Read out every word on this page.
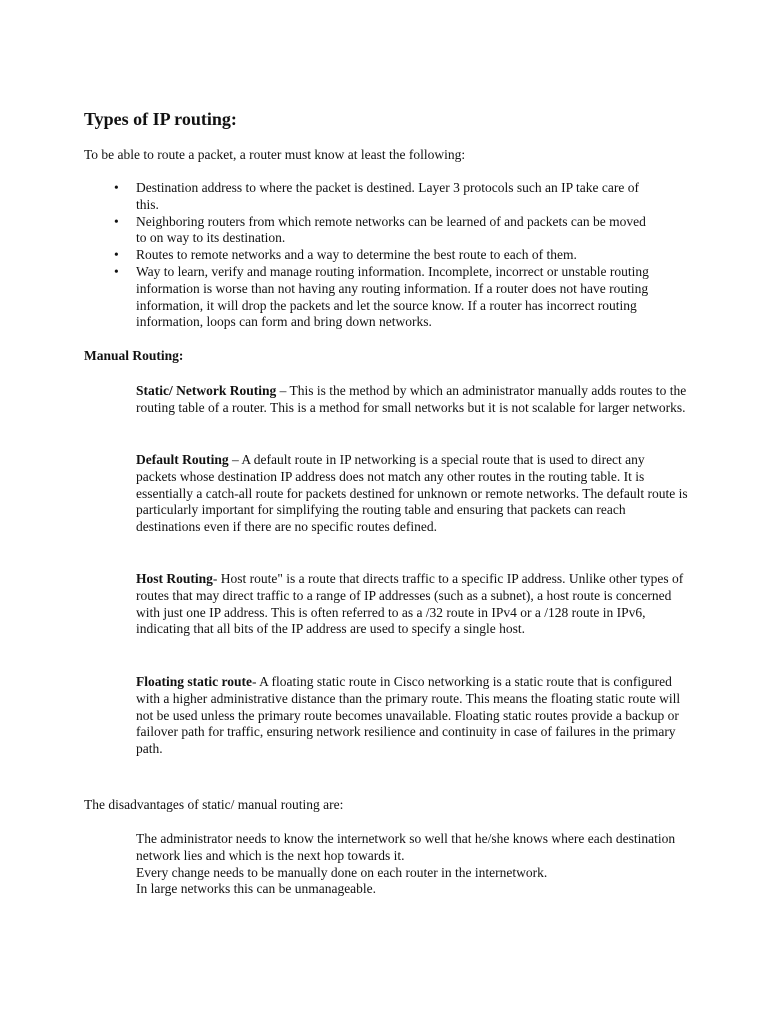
Types of IP routing:

To be able to route a packet, a router must know at least the following:

• Destination address to where the packet is destined. Layer 3 protocols such an IP take care of this.
• Neighboring routers from which remote networks can be learned of and packets can be moved to on way to its destination.
• Routes to remote networks and a way to determine the best route to each of them.
• Way to learn, verify and manage routing information. Incomplete, incorrect or unstable routing information is worse than not having any routing information. If a router does not have routing information, it will drop the packets and let the source know. If a router has incorrect routing information, loops can form and bring down networks.

Manual Routing:

Static/ Network Routing – This is the method by which an administrator manually adds routes to the routing table of a router. This is a method for small networks but it is not scalable for larger networks.

Default Routing – A default route in IP networking is a special route that is used to direct any packets whose destination IP address does not match any other routes in the routing table. It is essentially a catch-all route for packets destined for unknown or remote networks. The default route is particularly important for simplifying the routing table and ensuring that packets can reach destinations even if there are no specific routes defined.

Host Routing- Host route" is a route that directs traffic to a specific IP address. Unlike other types of routes that may direct traffic to a range of IP addresses (such as a subnet), a host route is concerned with just one IP address. This is often referred to as a /32 route in IPv4 or a /128 route in IPv6, indicating that all bits of the IP address are used to specify a single host.

Floating static route- A floating static route in Cisco networking is a static route that is configured with a higher administrative distance than the primary route. This means the floating static route will not be used unless the primary route becomes unavailable. Floating static routes provide a backup or failover path for traffic, ensuring network resilience and continuity in case of failures in the primary path.

The disadvantages of static/ manual routing are:

The administrator needs to know the internetwork so well that he/she knows where each destination network lies and which is the next hop towards it.

Every change needs to be manually done on each router in the internetwork.

In large networks this can be unmanageable.
